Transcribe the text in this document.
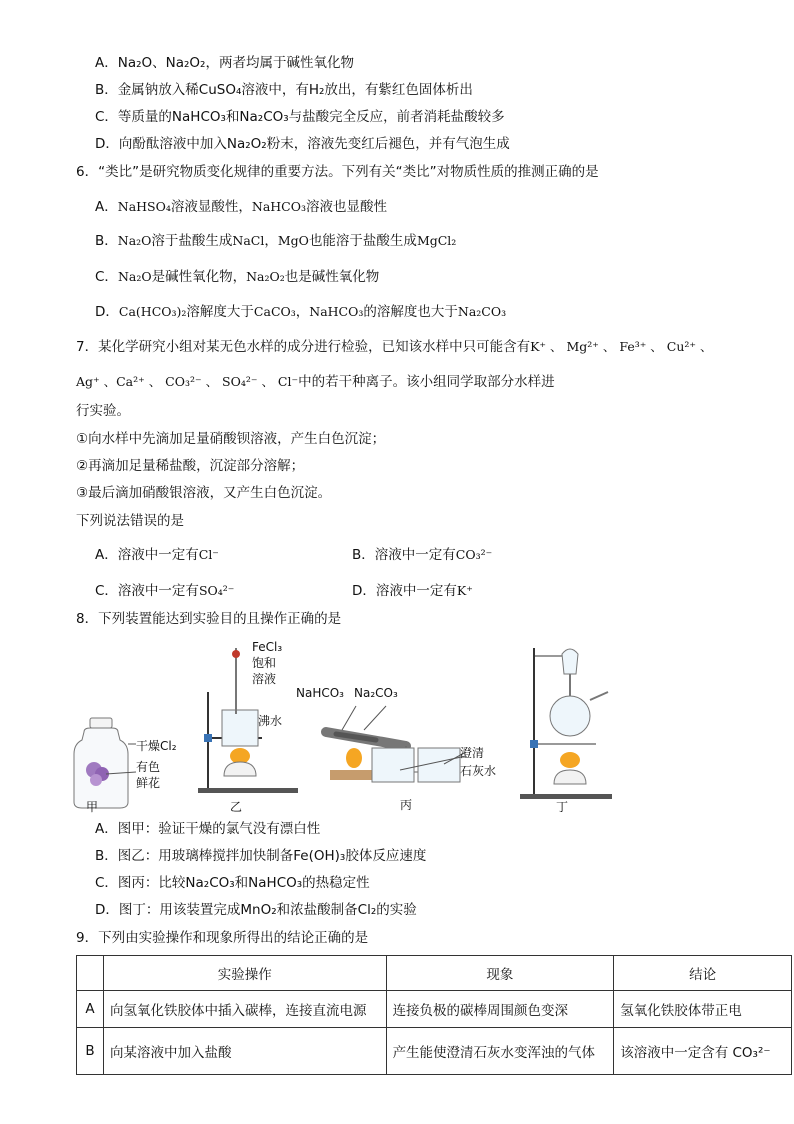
A．Na₂O、Na₂O₂，两者均属于碱性氧化物
B．金属钠放入稀CuSO₄溶液中，有H₂放出，有紫红色固体析出
C．等质量的NaHCO₃和Na₂CO₃与盐酸完全反应，前者消耗盐酸较多
D．向酚酞溶液中加入Na₂O₂粉末，溶液先变红后褪色，并有气泡生成
6．“类比”是研究物质变化规律的重要方法。下列有关“类比”对物质性质的推测正确的是
A．NaHSO₄溶液显酸性，NaHCO₃溶液也显酸性
B．Na₂O溶于盐酸生成NaCl，MgO也能溶于盐酸生成MgCl₂
C．Na₂O是碱性氧化物，Na₂O₂也是碱性氧化物
D．Ca(HCO₃)₂溶解度大于CaCO₃，NaHCO₃的溶解度也大于Na₂CO₃
7．某化学研究小组对某无色水样的成分进行检验，已知该水样中只可能含有K⁺ 、 Mg²⁺ 、 Fe³⁺ 、 Cu²⁺ 、
Ag⁺ 、Ca²⁺ 、 CO₃²⁻ 、 SO₄²⁻ 、 Cl⁻中的若干种离子。该小组同学取部分水样进
行实验。
①向水样中先滴加足量硝酸钡溶液，产生白色沉淀；
②再滴加足量稀盐酸，沉淀部分溶解；
③最后滴加硝酸银溶液，又产生白色沉淀。
下列说法错误的是
A．溶液中一定有Cl⁻	B．溶液中一定有CO₃²⁻
C．溶液中一定有SO₄²⁻	D．溶液中一定有K⁺
8．下列装置能达到实验目的且操作正确的是
干燥Cl₂
有色
鲜花
甲
FeCl₃
饱和
溶液
沸水
乙
NaHCO₃ Na₂CO₃
澄清
石灰水
丙	丁
A．图甲：验证干燥的氯气没有漂白性
B．图乙：用玻璃棒搅拌加快制备Fe(OH)₃胶体反应速度
C．图丙：比较Na₂CO₃和NaHCO₃的热稳定性
D．图丁：用该装置完成MnO₂和浓盐酸制备Cl₂的实验
9．下列由实验操作和现象所得出的结论正确的是
	实验操作	现象	结论
A	向氢氧化铁胶体中插入碳棒，连接直流电源	连接负极的碳棒周围颜色变深	氢氧化铁胶体带正电
B	向某溶液中加入盐酸	产生能使澄清石灰水变浑浊的气体	该溶液中一定含有 CO₃²⁻
